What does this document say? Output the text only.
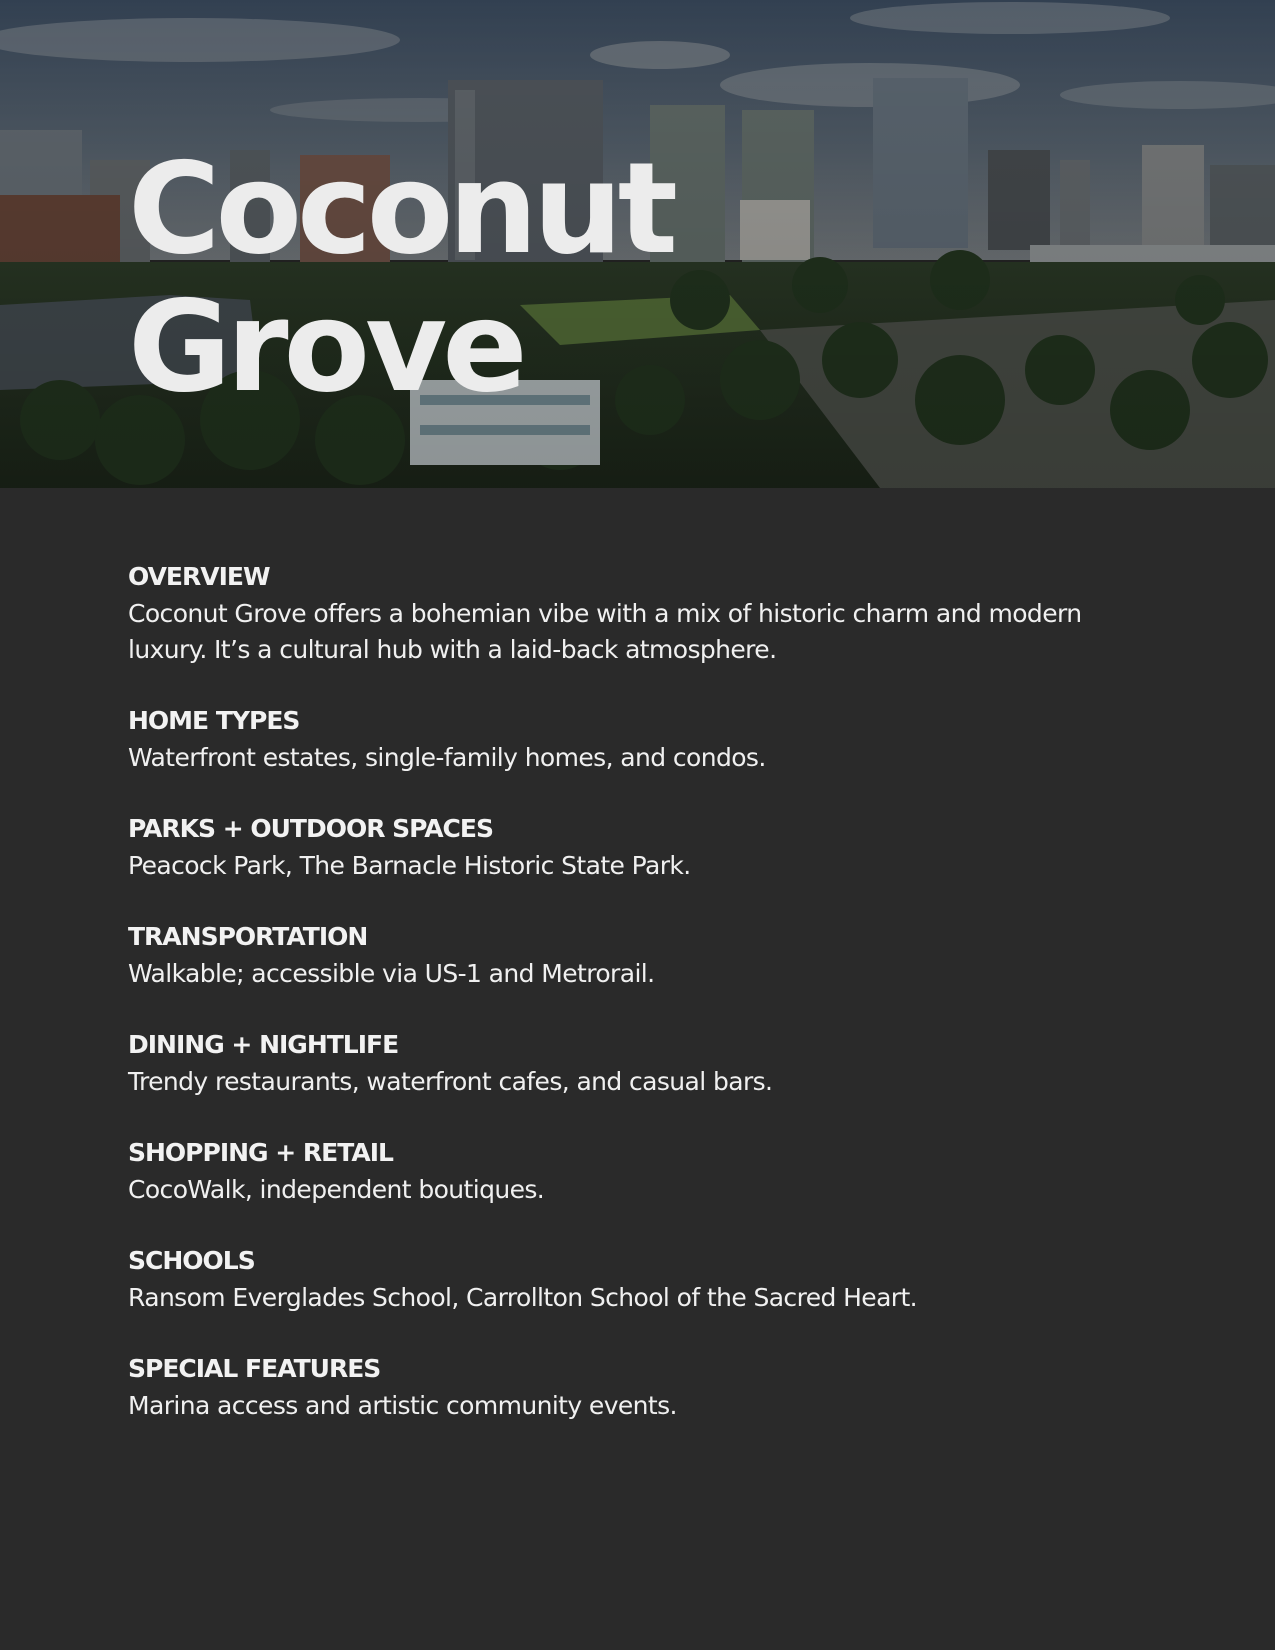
Coconut
Grove

OVERVIEW

Coconut Grove offers a bohemian vibe with a mix of historic charm and modern luxury. It’s a cultural hub with a laid-back atmosphere.

HOME TYPES

Waterfront estates, single-family homes, and condos.

PARKS + OUTDOOR SPACES

Peacock Park, The Barnacle Historic State Park.

TRANSPORTATION

Walkable; accessible via US-1 and Metrorail.

DINING + NIGHTLIFE

Trendy restaurants, waterfront cafes, and casual bars.

SHOPPING + RETAIL

CocoWalk, independent boutiques.

SCHOOLS

Ransom Everglades School, Carrollton School of the Sacred Heart.

SPECIAL FEATURES

Marina access and artistic community events.
